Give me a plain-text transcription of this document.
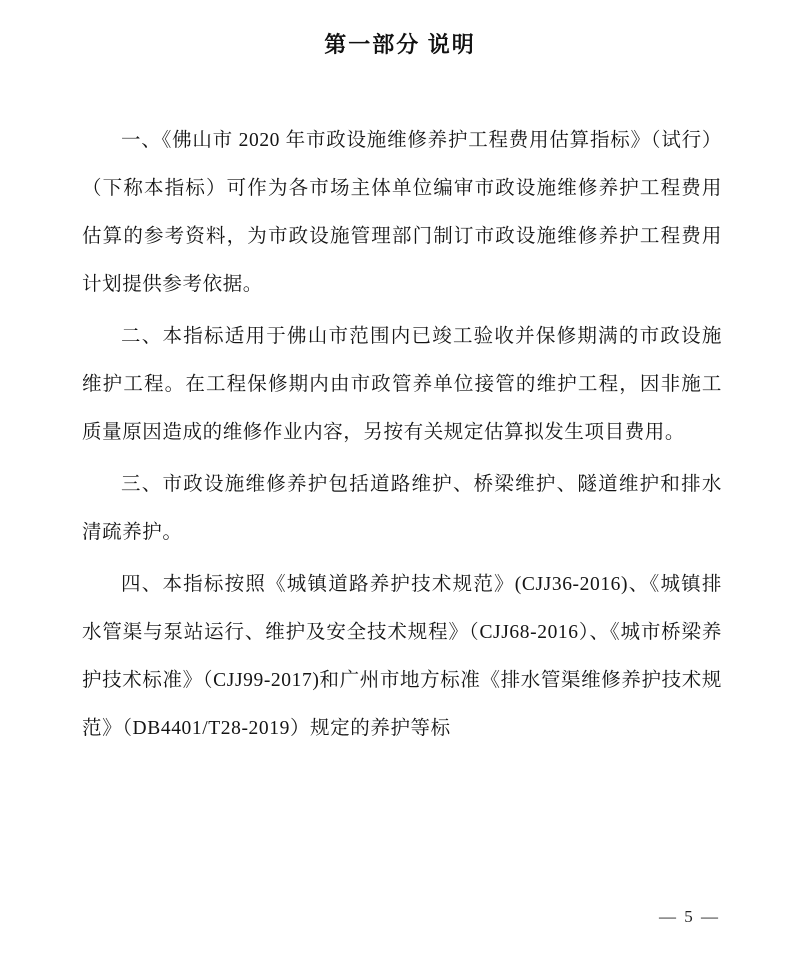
第一部分 说明

一、《佛山市 2020 年市政设施维修养护工程费用估算指标》（试行）（下称本指标）可作为各市场主体单位编审市政设施维修养护工程费用估算的参考资料，为市政设施管理部门制订市政设施维修养护工程费用计划提供参考依据。

二、本指标适用于佛山市范围内已竣工验收并保修期满的市政设施维护工程。在工程保修期内由市政管养单位接管的维护工程，因非施工质量原因造成的维修作业内容，另按有关规定估算拟发生项目费用。

三、市政设施维修养护包括道路维护、桥梁维护、隧道维护和排水清疏养护。

四、本指标按照《城镇道路养护技术规范》(CJJ36-2016)、《城镇排水管渠与泵站运行、维护及安全技术规程》（CJJ68-2016）、《城市桥梁养护技术标准》（CJJ99-2017)和广州市地方标准《排水管渠维修养护技术规范》（DB4401/T28-2019）规定的养护等标

— 5 —
